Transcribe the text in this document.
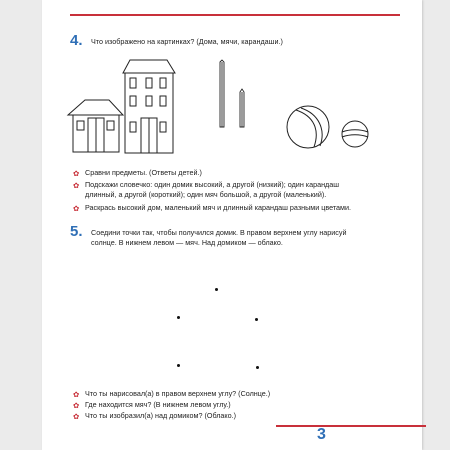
4. Что изображено на картинках? (Дома, мячи, карандаши.)
✿ Сравни предметы. (Ответы детей.)
✿ Подскажи словечко: один домик высокий, а другой (низкий); один карандаш
длинный, а другой (короткий); один мяч большой, а другой (маленький).
✿ Раскрась высокий дом, маленький мяч и длинный карандаш разными цветами.
5. Соедини точки так, чтобы получился домик. В правом верхнем углу нарисуй
солнце. В нижнем левом — мяч. Над домиком — облако.
✿ Что ты нарисовал(а) в правом верхнем углу? (Солнце.)
✿ Где находится мяч? (В нижнем левом углу.)
✿ Что ты изобразил(а) над домиком? (Облако.)
3
